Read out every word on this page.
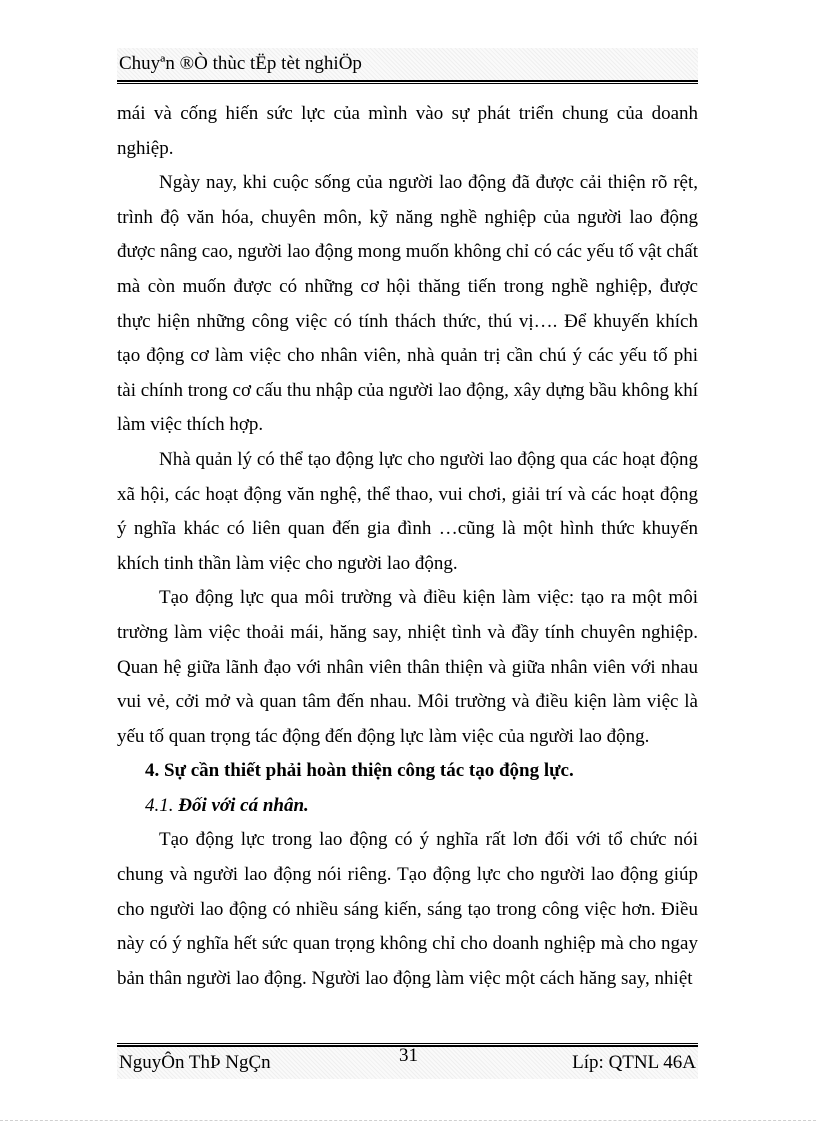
Chuyªn ®Ò thùc tËp tèt nghiÖp

mái và cống hiến sức lực của mình vào sự phát triển chung của doanh nghiệp.

Ngày nay, khi cuộc sống của người lao động đã được cải thiện rõ rệt, trình độ văn hóa, chuyên môn, kỹ năng nghề nghiệp của người lao động được nâng cao, người lao động mong muốn không chỉ có các yếu tố vật chất mà còn muốn được có những cơ hội thăng tiến trong nghề nghiệp, được thực hiện những công việc có tính thách thức, thú vị…. Để khuyến khích tạo động cơ làm việc cho nhân viên, nhà quản trị cần chú ý các yếu tố phi tài chính trong cơ cấu thu nhập của người lao động, xây dựng bầu không khí làm việc thích hợp.

Nhà quản lý có thể tạo động lực cho người lao động qua các hoạt động xã hội, các hoạt động văn nghệ, thể thao, vui chơi, giải trí và các hoạt động ý nghĩa khác có liên quan đến gia đình …cũng là một hình thức khuyến khích tinh thần làm việc cho người lao động.

Tạo động lực qua môi trường và điều kiện làm việc: tạo ra một môi trường làm việc thoải mái, hăng say, nhiệt tình và đầy tính chuyên nghiệp. Quan hệ giữa lãnh đạo với nhân viên thân thiện và giữa nhân viên với nhau vui vẻ, cởi mở và quan tâm đến nhau. Môi trường và điều kiện làm việc là yếu tố quan trọng tác động đến động lực làm việc của người lao động.

4. Sự cần thiết phải hoàn thiện công tác tạo động lực.

4.1. Đối với cá nhân.

Tạo động lực trong lao động có ý nghĩa rất lơn đối với tổ chức nói chung và người lao động nói riêng. Tạo động lực cho người lao động giúp cho người lao động có nhiều sáng kiến, sáng tạo trong công việc hơn. Điều này có ý nghĩa hết sức quan trọng không chỉ cho doanh nghiệp mà cho ngay bản thân người lao động. Người lao động làm việc một cách hăng say, nhiệt

NguyÔn ThÞ NgÇn	31	Líp: QTNL 46A
